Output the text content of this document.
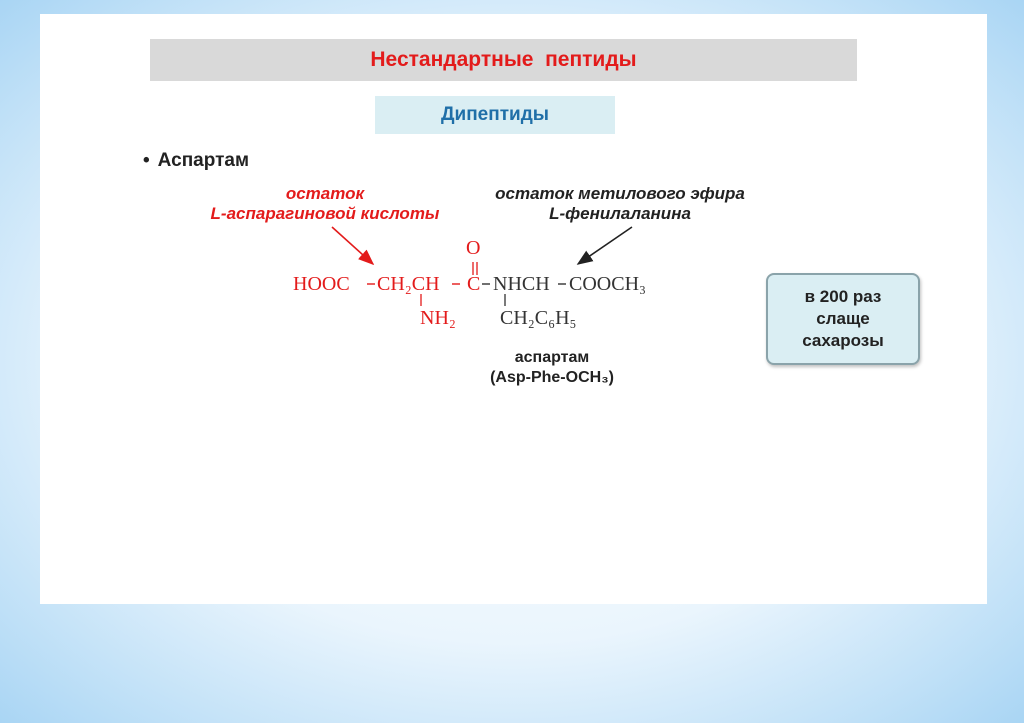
Нестандартные  пептиды
Дипептиды
• Аспартам
остаток
L-аспарагиновой кислоты
остаток метилового эфира
L-фенилаланина
O
HOOC CH₂CH C NHCH COOCH₃
NH₂ CH₂C₆H₅
аспартам
(Asp-Phe-OCH₃)
в 200 раз
слаще
сахарозы
